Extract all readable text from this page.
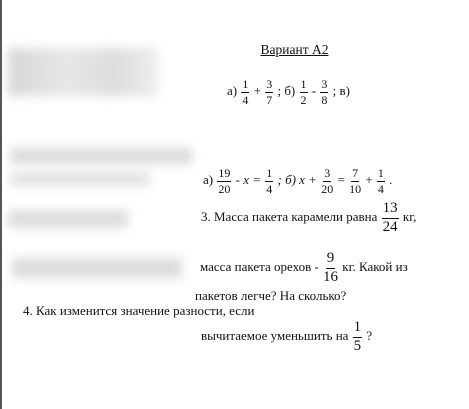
Вариант А2
$а) \frac{1}{4} + \frac{3}{7}$ ; $б) \frac{1}{2} - \frac{3}{8}$ ; в)
$а) \frac{19}{20} - x = \frac{1}{4}$ ; б) $x + \frac{3}{20} = \frac{7}{10} + \frac{1}{4}$ .
3. Масса пакета карамели равна $\frac{13}{24}$ кг,
масса пакета орехов - $\frac{9}{16}$ кг. Какой из
пакетов легче? На сколько?
4. Как изменится значение разности, если
вычитаемое уменьшить на $\frac{1}{5}$ ?
